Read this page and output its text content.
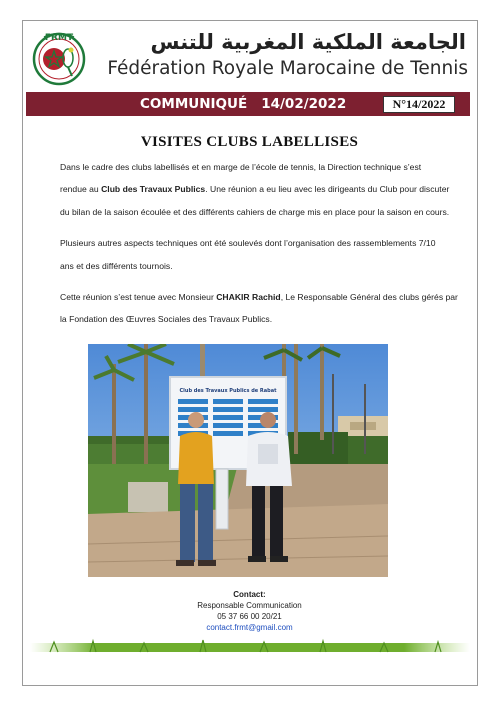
FRMT	الجامعة الملكية المغربية للتنس
Fédération Royale Marocaine de Tennis
COMMUNIQUÉ 14/02/2022	N°14/2022
VISITES CLUBS LABELLISES
Dans le cadre des clubs labellisés et en marge de l’école de tennis, la Direction technique s’est
rendue au Club des Travaux Publics. Une réunion a eu lieu avec les dirigeants du Club pour discuter
du bilan de la saison écoulée et des différents cahiers de charge mis en place pour la saison en cours.
Plusieurs autres aspects techniques ont été soulevés dont l’organisation des rassemblements 7/10
ans et des différents tournois.
Cette réunion s’est tenue avec Monsieur CHAKIR Rachid, Le Responsable Général des clubs gérés par
la Fondation des Œuvres Sociales des Travaux Publics.
Club des Travaux Publics de Rabat
Contact:
Responsable Communication
05 37 66 00 20/21
contact.frmt@gmail.com
